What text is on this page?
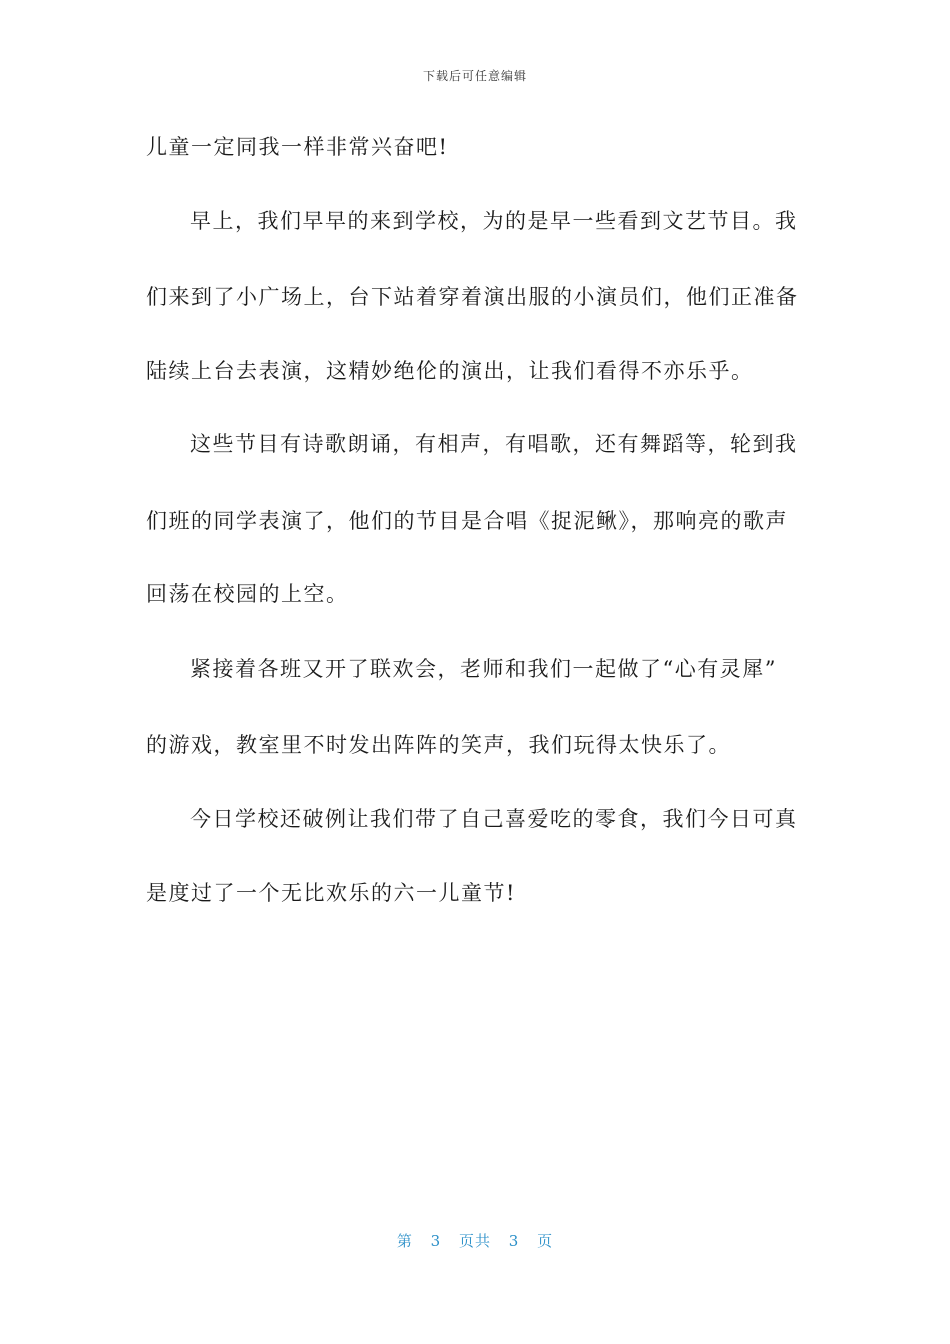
下载后可任意编辑
儿童一定同我一样非常兴奋吧!
早上，我们早早的来到学校，为的是早一些看到文艺节目。我
们来到了小广场上，台下站着穿着演出服的小演员们，他们正准备
陆续上台去表演，这精妙绝伦的演出，让我们看得不亦乐乎。
这些节目有诗歌朗诵，有相声，有唱歌，还有舞蹈等，轮到我
们班的同学表演了，他们的节目是合唱《捉泥鳅》，那响亮的歌声
回荡在校园的上空。
紧接着各班又开了联欢会，老师和我们一起做了“心有灵犀”
的游戏，教室里不时发出阵阵的笑声，我们玩得太快乐了。
今日学校还破例让我们带了自己喜爱吃的零食，我们今日可真
是度过了一个无比欢乐的六一儿童节!
第 3 页共 3 页
